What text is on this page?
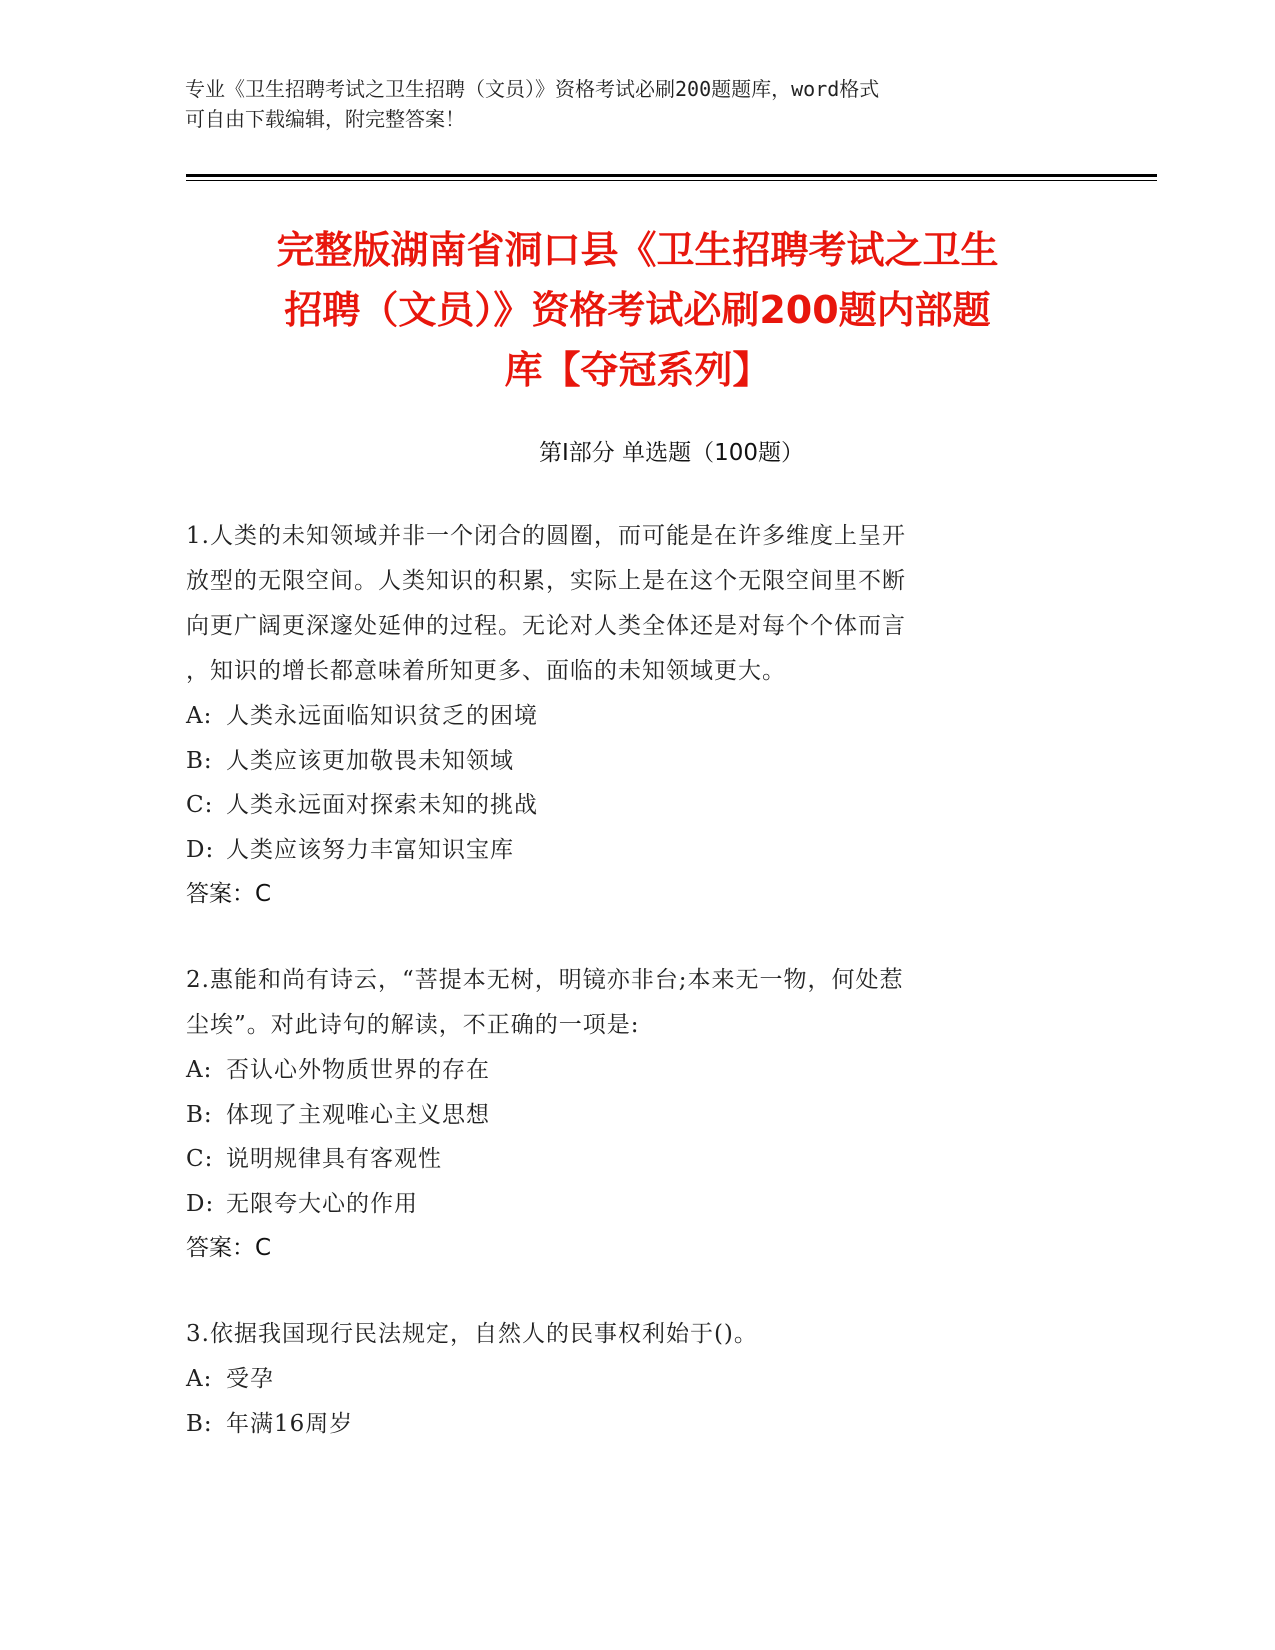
专业《卫生招聘考试之卫生招聘（文员）》资格考试必刷200题题库，word格式
可自由下载编辑，附完整答案！
完整版湖南省洞口县《卫生招聘考试之卫生
招聘（文员）》资格考试必刷200题内部题
库【夺冠系列】
第Ⅰ部分 单选题（100题）
1.人类的未知领域并非一个闭合的圆圈，而可能是在许多维度上呈开
放型的无限空间。人类知识的积累，实际上是在这个无限空间里不断
向更广阔更深邃处延伸的过程。无论对人类全体还是对每个个体而言
，知识的增长都意味着所知更多、面临的未知领域更大。
A: 人类永远面临知识贫乏的困境
B: 人类应该更加敬畏未知领域
C: 人类永远面对探索未知的挑战
D: 人类应该努力丰富知识宝库
答案：C
2.惠能和尚有诗云，“菩提本无树，明镜亦非台;本来无一物，何处惹
尘埃”。对此诗句的解读，不正确的一项是:
A: 否认心外物质世界的存在
B: 体现了主观唯心主义思想
C: 说明规律具有客观性
D: 无限夸大心的作用
答案：C
3.依据我国现行民法规定，自然人的民事权利始于()。
A: 受孕
B: 年满16周岁
